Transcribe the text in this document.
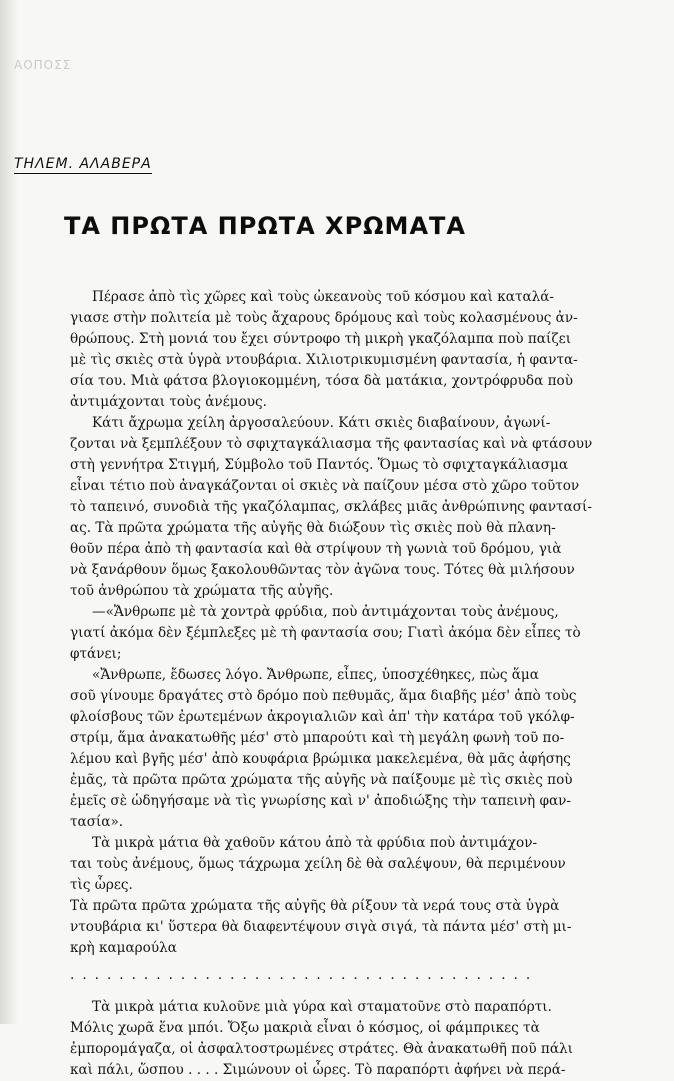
ΑΟΠΟΣΣ
ΤΗΛΕΜ. ΑΛΑΒΕΡΑ
ΤΑ ΠΡΩΤΑ ΠΡΩΤΑ ΧΡΩΜΑΤΑ
Πέρασε ἀπὸ τὶς χῶρες καὶ τοὺς ὠκεανοὺς τοῦ κόσμου καὶ καταλά-
γιασε στὴν πολιτεία μὲ τοὺς ἄχαρους δρόμους καὶ τοὺς κολασμένους ἀν-
θρώπους. Στὴ μονιά του ἔχει σύντροφο τὴ μικρὴ γκαζόλαμπα ποὺ παίζει
μὲ τὶς σκιὲς στὰ ὑγρὰ ντουβάρια. Χιλιοτρικυμισμένη φαντασία, ἡ φαντα-
σία του. Μιὰ φάτσα βλογιοκομμένη, τόσα δὰ ματάκια, χοντρόφρυδα ποὺ
ἀντιμάχονται τοὺς ἀνέμους.
Κάτι ἄχρωμα χείλη ἀργοσαλεύουν. Κάτι σκιὲς διαβαίνουν, ἀγωνί-
ζονται νὰ ξεμπλέξουν τὸ σφιχταγκάλιασμα τῆς φαντασίας καὶ νὰ φτάσουν
στὴ γεννήτρα Στιγμή, Σύμβολο τοῦ Παντός. Ὅμως τὸ σφιχταγκάλιασμα
εἶναι τέτιο ποὺ ἀναγκάζονται οἱ σκιὲς νὰ παίζουν μέσα στὸ χῶρο τοῦτον
τὸ ταπεινό, συνοδιὰ τῆς γκαζόλαμπας, σκλάβες μιᾶς ἀνθρώπινης φαντασί-
ας. Τὰ πρῶτα χρώματα τῆς αὐγῆς θὰ διώξουν τὶς σκιὲς ποὺ θὰ πλανη-
θοῦν πέρα ἀπὸ τὴ φαντασία καὶ θὰ στρίψουν τὴ γωνιὰ τοῦ δρόμου, γιὰ
νὰ ξανάρθουν ὅμως ξακολουθῶντας τὸν ἀγῶνα τους. Τότες θὰ μιλήσουν
τοῦ ἀνθρώπου τὰ χρώματα τῆς αὐγῆς.
—«Ἄνθρωπε μὲ τὰ χοντρὰ φρύδια, ποὺ ἀντιμάχονται τοὺς ἀνέμους,
γιατί ἀκόμα δὲν ξέμπλεξες μὲ τὴ φαντασία σου; Γιατὶ ἀκόμα δὲν εἶπες τὸ
φτάνει;
«Ἄνθρωπε, ἔδωσες λόγο. Ἄνθρωπε, εἶπες, ὑποσχέθηκες, πὼς ἅμα
σοῦ γίνουμε δραγάτες στὸ δρόμο ποὺ πεθυμᾶς, ἅμα διαβῆς μέσ' ἀπὸ τοὺς
φλοίσβους τῶν ἐρωτεμένων ἀκρογιαλιῶν καὶ ἀπ' τὴν κατάρα τοῦ γκόλφ-
στρίμ, ἅμα ἀνακατωθῆς μέσ' στὸ μπαρούτι καὶ τὴ μεγάλη φωνὴ τοῦ πο-
λέμου καὶ βγῆς μέσ' ἀπὸ κουφάρια βρώμικα μακελεμένα, θὰ μᾶς ἀφήσης
ἐμᾶς, τὰ πρῶτα πρῶτα χρώματα τῆς αὐγῆς νὰ παίξουμε μὲ τὶς σκιὲς ποὺ
ἐμεῖς σὲ ὡδηγήσαμε νὰ τὶς γνωρίσης καὶ ν' ἀποδιώξης τὴν ταπεινὴ φαν-
τασία».
Τὰ μικρὰ μάτια θὰ χαθοῦν κάτου ἀπὸ τὰ φρύδια ποὺ ἀντιμάχον-
ται τοὺς ἀνέμους, ὅμως τάχρωμα χείλη δὲ θὰ σαλέψουν, θὰ περιμένουν
τὶς ὧρες.
Τὰ πρῶτα πρῶτα χρώματα τῆς αὐγῆς θὰ ρίξουν τὰ νερά τους στὰ ὑγρὰ
ντουβάρια κι' ὕστερα θὰ διαφεντέψουν σιγὰ σιγά, τὰ πάντα μέσ' στὴ μι-
κρὴ καμαρούλα
......................................
Τὰ μικρὰ μάτια κυλοῦνε μιὰ γύρα καὶ σταματοῦνε στὸ παραπόρτι.
Μόλις χωρᾶ ἕνα μπόι. Ὄξω μακριὰ εἶναι ὁ κόσμος, οἱ φάμπρικες τὰ
ἐμπορομάγαζα, οἱ ἀσφαλτοστρωμένες στράτες. Θὰ ἀνακατωθῆ ποῦ πάλι
καὶ πάλι, ὥσπου . . . . Σιμώνουν οἱ ὧρες. Τὸ παραπόρτι ἀφήνει νὰ περά-
